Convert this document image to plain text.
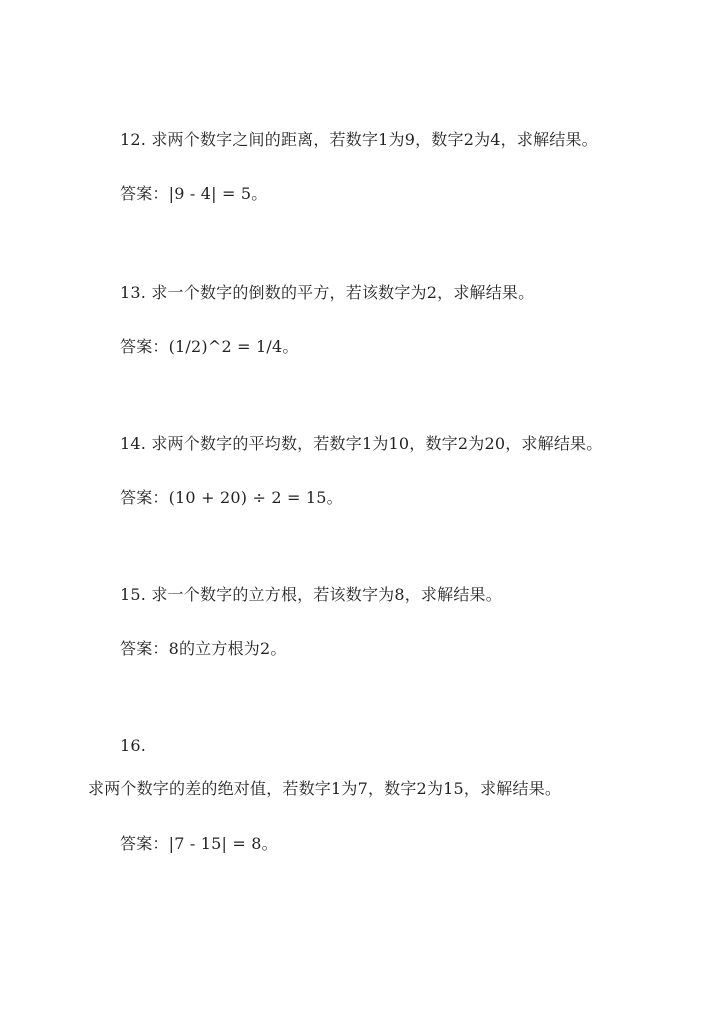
12. 求两个数字之间的距离，若数字1为9，数字2为4，求解结果。
答案：|9 - 4| = 5。
13. 求一个数字的倒数的平方，若该数字为2，求解结果。
答案：(1/2)^2 = 1/4。
14. 求两个数字的平均数，若数字1为10，数字2为20，求解结果。
答案：(10 + 20) ÷ 2 = 15。
15. 求一个数字的立方根，若该数字为8，求解结果。
答案：8的立方根为2。
16.
求两个数字的差的绝对值，若数字1为7，数字2为15，求解结果。
答案：|7 - 15| = 8。
